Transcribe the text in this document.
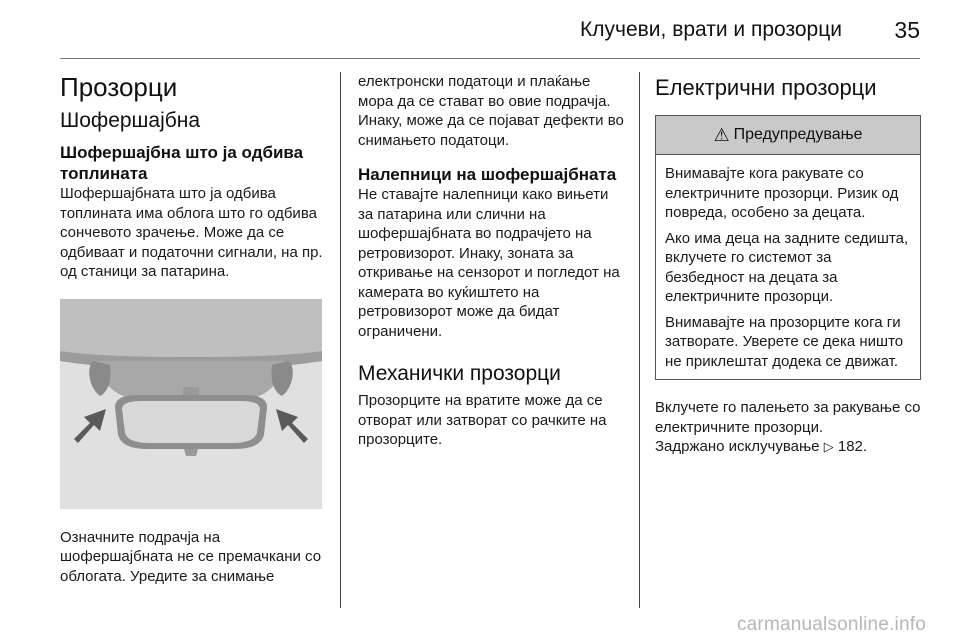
Клучеви, врати и прозорци 35
Прозорци
Шофершајбна
Шофершајбна што ја одбива топлината

Шофершајбната што ја одбива топлината има облога што го одбива сончевото зрачење. Може да се одбиваат и податочни сигнали, на пр. од станици за патарина.

Означните подрачја на шофершајбната не се премачкани со облогата. Уредите за снимање

електронски податоци и плаќање мора да се стават во овие подрачја. Инаку, може да се појават дефекти во снимањето податоци.

Налепници на шофершајбната

Не ставајте налепници како вињети за патарина или слични на шофершајбната во подрачјето на ретровизорот. Инаку, зоната за откривање на сензорот и погледот на камерата во куќиштето на ретровизорот може да бидат ограничени.

Механички прозорци

Прозорците на вратите може да се отворат или затворат со рачките на прозорците.

Електрични прозорци
⚠ Предупредување

Внимавајте кога ракувате со електричните прозорци. Ризик од повреда, особено за децата.

Ако има деца на задните седишта, вклучете го системот за безбедност на децата за електричните прозорци.

Внимавајте на прозорците кога ги затворате. Уверете се дека ништо не приклештат додека се движат.

Вклучете го палењето за ракување со електричните прозорци.

Задржано исклучување ▷ 182.

carmanualsonline.info
